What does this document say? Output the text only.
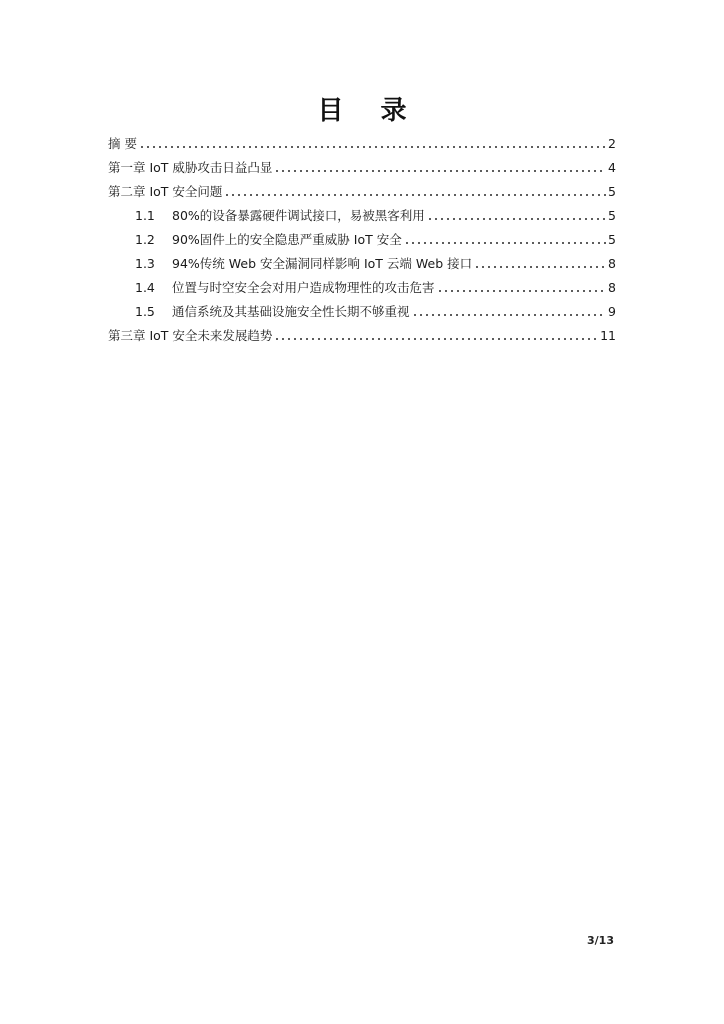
目 录
摘 要	2
第一章 IoT 威胁攻击日益凸显	4
第二章 IoT 安全问题	5
1.1 80%的设备暴露硬件调试接口，易被黑客利用	5
1.2 90%固件上的安全隐患严重威胁 IoT 安全	5
1.3 94%传统 Web 安全漏洞同样影响 IoT 云端 Web 接口	8
1.4 位置与时空安全会对用户造成物理性的攻击危害	8
1.5 通信系统及其基础设施安全性长期不够重视	9
第三章 IoT 安全未来发展趋势	11
3/13
